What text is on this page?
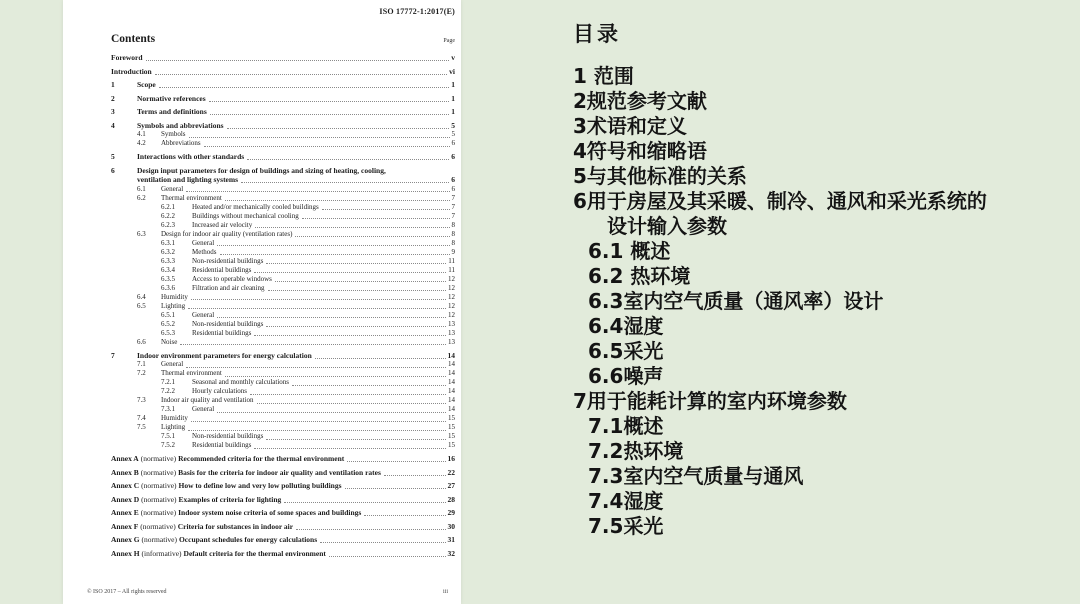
ISO 17772-1:2017(E)
Contents	Page
Foreword	v
Introduction	vi
1	Scope	1
2	Normative references	1
3	Terms and definitions	1
4	Symbols and abbreviations	5
4.1	Symbols	5
4.2	Abbreviations	6
5	Interactions with other standards	6
6	Design input parameters for design of buildings and sizing of heating, cooling,
ventilation and lighting systems	6
6.1	General	6
6.2	Thermal environment	7
6.2.1	Heated and/or mechanically cooled buildings	7
6.2.2	Buildings without mechanical cooling	7
6.2.3	Increased air velocity	8
6.3	Design for indoor air quality (ventilation rates)	8
6.3.1	General	8
6.3.2	Methods	9
6.3.3	Non-residential buildings	11
6.3.4	Residential buildings	11
6.3.5	Access to operable windows	12
6.3.6	Filtration and air cleaning	12
6.4	Humidity	12
6.5	Lighting	12
6.5.1	General	12
6.5.2	Non-residential buildings	13
6.5.3	Residential buildings	13
6.6	Noise	13
7	Indoor environment parameters for energy calculation	14
7.1	General	14
7.2	Thermal environment	14
7.2.1	Seasonal and monthly calculations	14
7.2.2	Hourly calculations	14
7.3	Indoor air quality and ventilation	14
7.3.1	General	14
7.4	Humidity	15
7.5	Lighting	15
7.5.1	Non-residential buildings	15
7.5.2	Residential buildings	15
Annex A (normative) Recommended criteria for the thermal environment	16
Annex B (normative) Basis for the criteria for indoor air quality and ventilation rates	22
Annex C (normative) How to define low and very low polluting buildings	27
Annex D (normative) Examples of criteria for lighting	28
Annex E (normative) Indoor system noise criteria of some spaces and buildings	29
Annex F (normative) Criteria for substances in indoor air	30
Annex G (normative) Occupant schedules for energy calculations	31
Annex H (informative) Default criteria for the thermal environment	32
© ISO 2017 – All rights reserved	iii
目录
1 范围
2规范参考文献
3术语和定义
4符号和缩略语
5与其他标准的关系
6用于房屋及其采暖、制冷、通风和采光系统的
设计输入参数
6.1 概述
6.2 热环境
6.3室内空气质量（通风率）设计
6.4湿度
6.5采光
6.6噪声
7用于能耗计算的室内环境参数
7.1概述
7.2热环境
7.3室内空气质量与通风
7.4湿度
7.5采光
